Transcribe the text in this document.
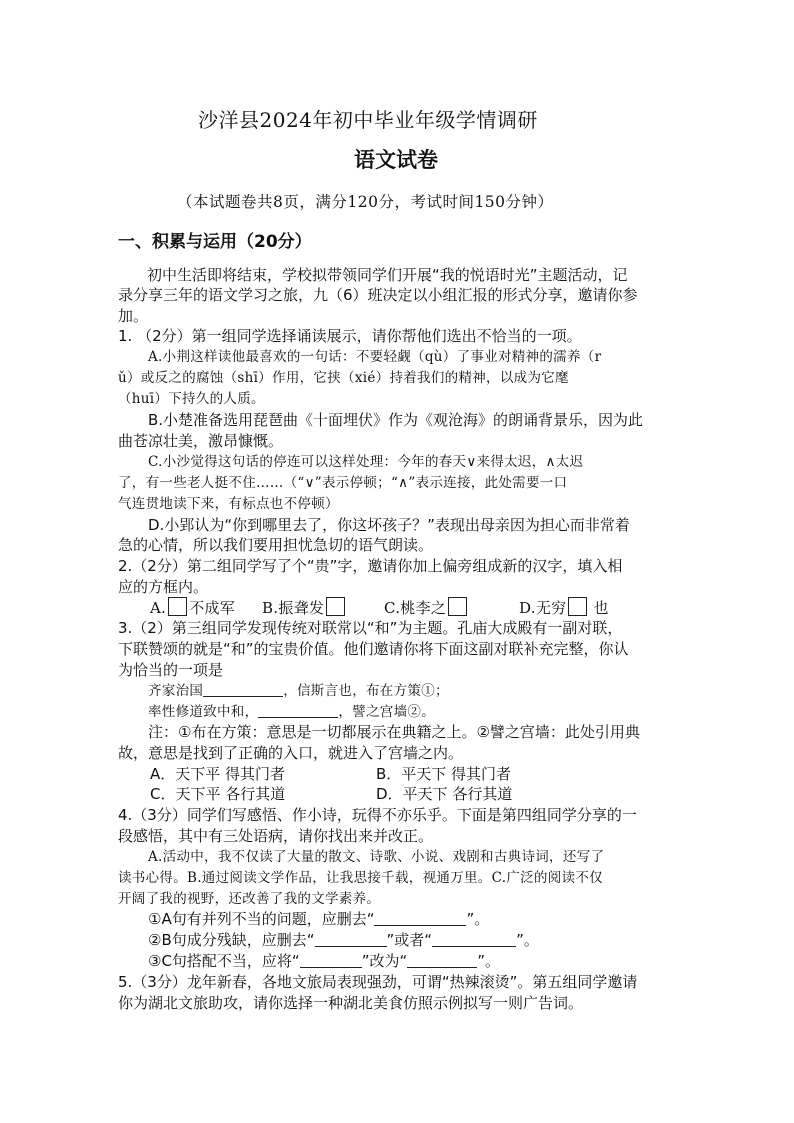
沙洋县2024年初中毕业年级学情调研
语文试卷
（本试题卷共8页，满分120分，考试时间150分钟）
一、积累与运用（20分）
初中生活即将结束，学校拟带领同学们开展“我的悦语时光”主题活动，记
录分享三年的语文学习之旅，九（6）班决定以小组汇报的形式分享，邀请你参
加。
1. （2分）第一组同学选择诵读展示，请你帮他们选出不恰当的一项。
A.小荆这样读他最喜欢的一句话：不要轻觑（qù）了事业对精神的濡养（r
ǔ）或反之的腐蚀（shī）作用，它挟（xié）持着我们的精神，以成为它麾
（huī）下持久的人质。
B.小楚准备选用琵琶曲《十面埋伏》作为《观沧海》的朗诵背景乐，因为此
曲苍凉壮美，激昂慷慨。
C.小沙觉得这句话的停连可以这样处理：今年的春天∨来得太迟，∧太迟
了，有一些老人挺不住……（“∨”表示停顿；“∧”表示连接，此处需要一口
气连贯地读下来，有标点也不停顿）
D.小郢认为“你到哪里去了，你这坏孩子？”表现出母亲因为担心而非常着
急的心情，所以我们要用担忧急切的语气朗读。
2.（2分）第二组同学写了个“贵”字，邀请你加上偏旁组成新的汉字，填入相
应的方框内。
A. 不成军 B.振聋发	C.桃李之	D.无穷 也
3.（2）第三组同学发现传统对联常以“和”为主题。孔庙大成殿有一副对联，
下联赞颂的就是“和”的宝贵价值。他们邀请你将下面这副对联补充完整，你认
为恰当的一项是
齐家治国	，信斯言也，布在方策①；
率性修道致中和，	，譬之宫墙②。
注：①布在方策：意思是一切都展示在典籍之上。②譬之宫墙：此处引用典
故，意思是找到了正确的入口，就进入了宫墙之内。
A．天下平 得其门者	B．平天下 得其门者
C．天下平 各行其道	D．平天下 各行其道
4.（3分）同学们写感悟、作小诗，玩得不亦乐乎。下面是第四组同学分享的一
段感悟，其中有三处语病，请你找出来并改正。
A.活动中，我不仅读了大量的散文、诗歌、小说、戏剧和古典诗词，还写了
读书心得。B.通过阅读文学作品，让我思接千载，视通万里。C.广泛的阅读不仅
开阔了我的视野，还改善了我的文学素养。
①A句有并列不当的问题，应删去“	”。
②B句成分残缺，应删去“	”或者“	”。
③C句搭配不当，应将“	”改为“	”。
5.（3分）龙年新春，各地文旅局表现强劲，可谓“热辣滚烫”。第五组同学邀请
你为湖北文旅助攻，请你选择一种湖北美食仿照示例拟写一则广告词。
